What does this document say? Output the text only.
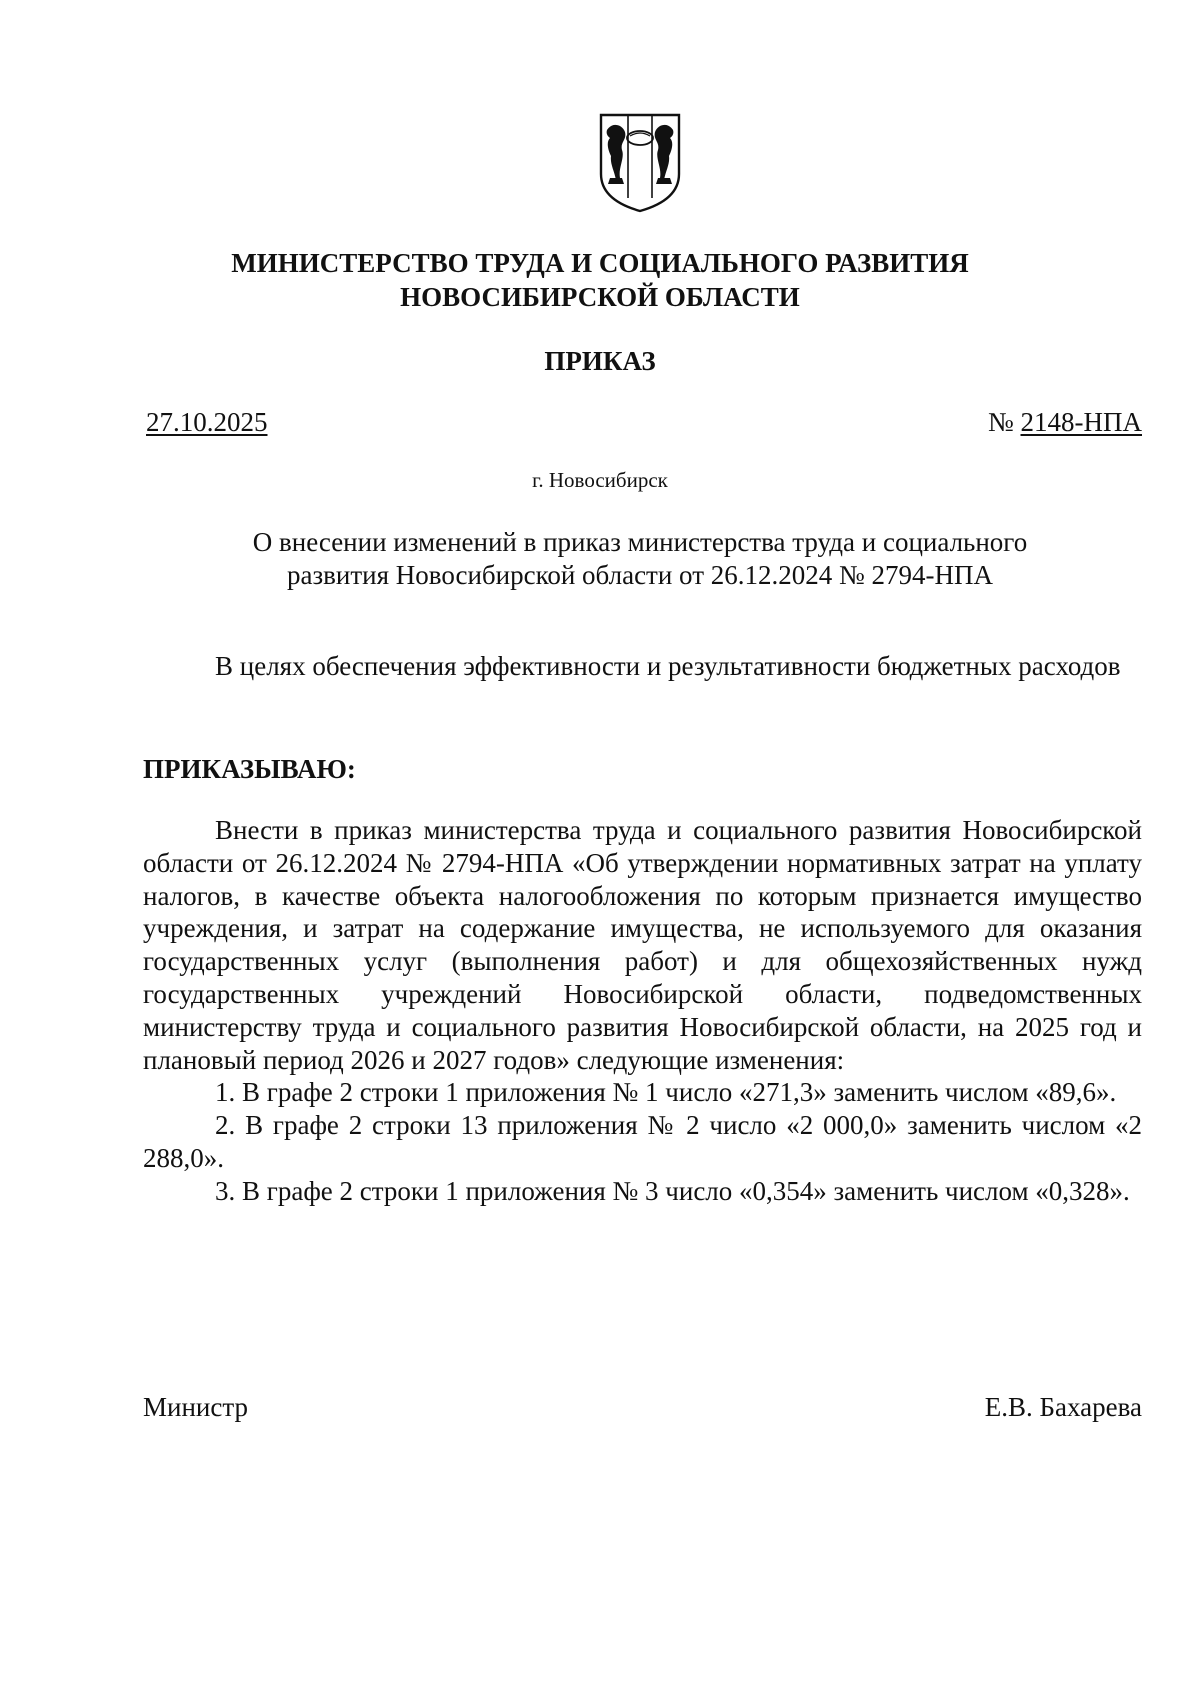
МИНИСТЕРСТВО ТРУДА И СОЦИАЛЬНОГО РАЗВИТИЯ
НОВОСИБИРСКОЙ ОБЛАСТИ
ПРИКАЗ
27.10.2025	№ 2148-НПА
г. Новосибирск
О внесении изменений в приказ министерства труда и социального развития Новосибирской области от 26.12.2024 № 2794-НПА

В целях обеспечения эффективности и результативности бюджетных расходов

ПРИКАЗЫВАЮ:

Внести в приказ министерства труда и социального развития Новосибирской области от 26.12.2024 № 2794-НПА «Об утверждении нормативных затрат на уплату налогов, в качестве объекта налогообложения по которым признается имущество учреждения, и затрат на содержание имущества, не используемого для оказания государственных услуг (выполнения работ) и для общехозяйственных нужд государственных учреждений Новосибирской области, подведомственных министерству труда и социального развития Новосибирской области, на 2025 год и плановый период 2026 и 2027 годов» следующие изменения:

1. В графе 2 строки 1 приложения № 1 число «271,3» заменить числом «89,6».

2. В графе 2 строки 13 приложения № 2 число «2 000,0» заменить числом «2 288,0».

3. В графе 2 строки 1 приложения № 3 число «0,354» заменить числом «0,328».

Министр	Е.В. Бахарева
